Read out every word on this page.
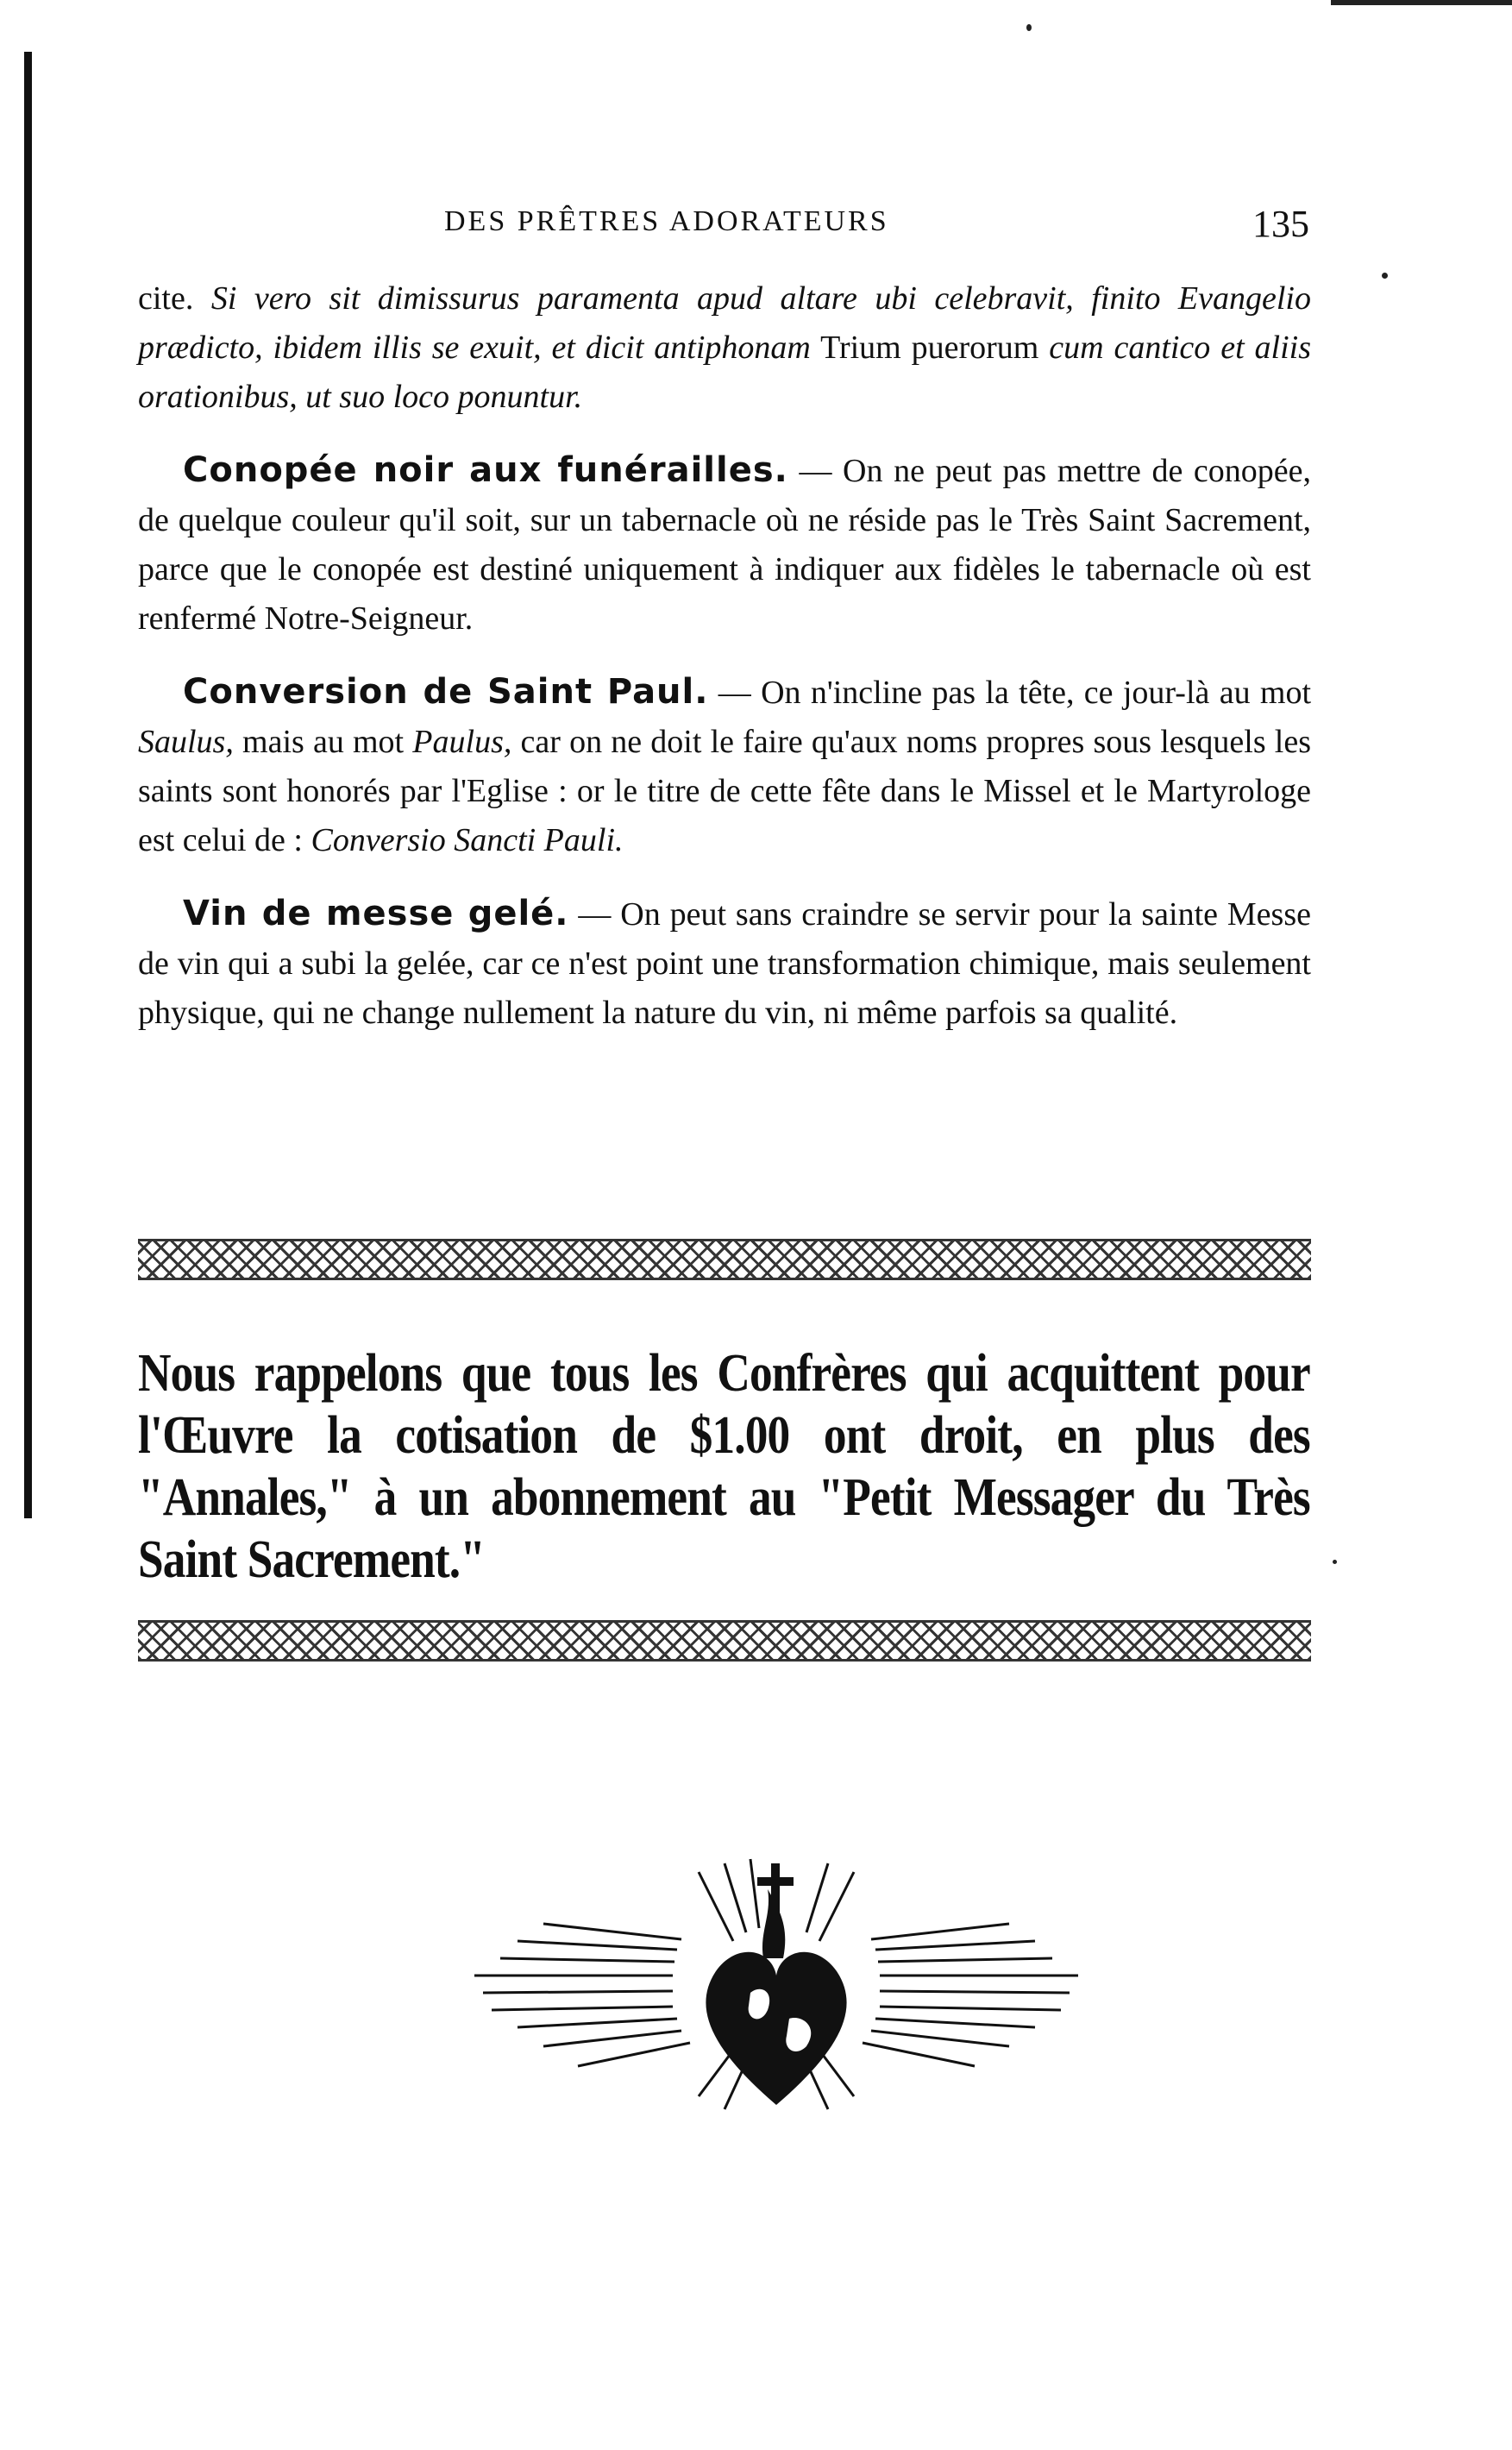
DES PRÊTRES ADORATEURS	135

cite. Si vero sit dimissurus paramenta apud altare ubi celebravit, finito Evangelio prædicto, ibidem illis se exuit, et dicit antiphonam Trium puerorum cum cantico et aliis orationibus, ut suo loco ponuntur.

Conopée noir aux funérailles. — On ne peut pas mettre de conopée, de quelque couleur qu'il soit, sur un tabernacle où ne réside pas le Très Saint Sacrement, parce que le conopée est destiné uniquement à indiquer aux fidèles le tabernacle où est renfermé Notre-Seigneur.

Conversion de Saint Paul. — On n'incline pas la tête, ce jour-là au mot Saulus, mais au mot Paulus, car on ne doit le faire qu'aux noms propres sous lesquels les saints sont honorés par l'Eglise : or le titre de cette fête dans le Missel et le Martyrologe est celui de : Conversio Sancti Pauli.

Vin de messe gelé. — On peut sans craindre se servir pour la sainte Messe de vin qui a subi la gelée, car ce n'est point une transformation chimique, mais seulement physique, qui ne change nullement la nature du vin, ni même parfois sa qualité.

Nous rappelons que tous les Confrères qui acquittent pour l'Œuvre la cotisation de $1.00 ont droit, en plus des "Annales," à un abonnement au "Petit Messager du Très Saint Sacrement."
